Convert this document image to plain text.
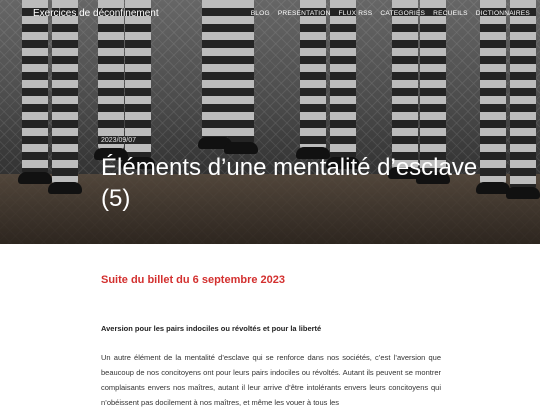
Exercices de déconfinement	BLOG PRESENTATION FLUX RSS CATEGORIES RECUEILS DICTIONNAIRES
2023/09/07
Éléments d’une mentalité d’esclave (5)
Suite du billet du 6 septembre 2023
Aversion pour les pairs indociles ou révoltés et pour la liberté

Un autre élément de la mentalité d’esclave qui se renforce dans nos sociétés, c’est l’aversion que beaucoup de nos concitoyens ont pour leurs pairs indociles ou révoltés. Autant ils peuvent se montrer complaisants envers nos maîtres, autant il leur arrive d’être intolérants envers leurs concitoyens qui n’obéissent pas docilement à nos maîtres, et même les vouer à tous les
